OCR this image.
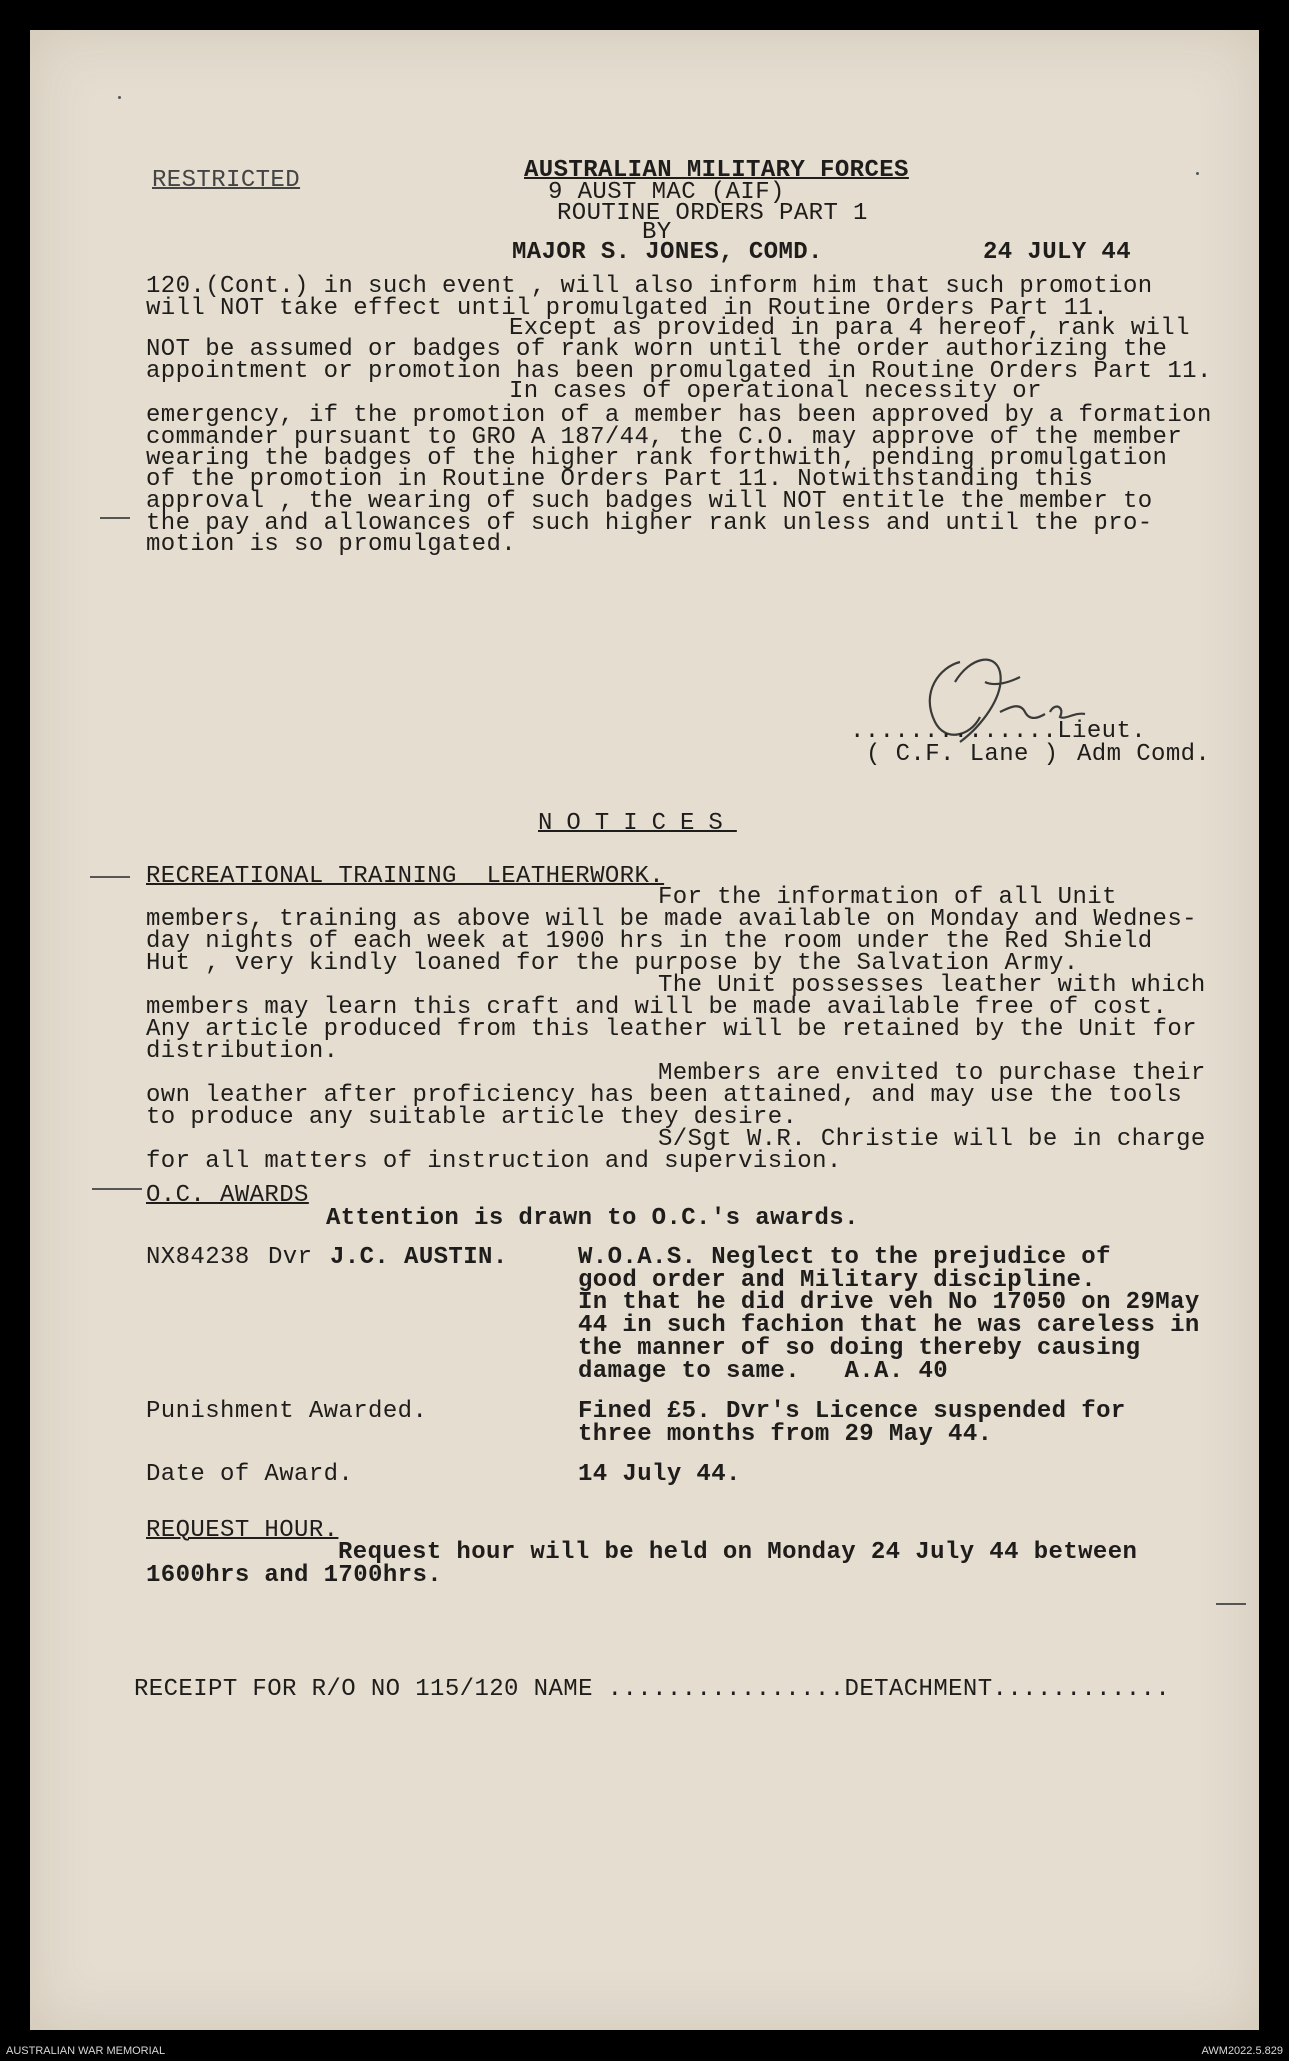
RESTRICTED	AUSTRALIAN MILITARY FORCES
9 AUST MAC (AIF)
ROUTINE ORDERS PART 1
BY
MAJOR S. JONES, COMD.	24 JULY 44
120.(Cont.) in such event , will also inform him that such promotion
will NOT take effect until promulgated in Routine Orders Part 11.
Except as provided in para 4 hereof, rank will
NOT be assumed or badges of rank worn until the order authorizing the
appointment or promotion has been promulgated in Routine Orders Part 11.
In cases of operational necessity or
emergency, if the promotion of a member has been approved by a formation
commander pursuant to GRO A 187/44, the C.O. may approve of the member
wearing the badges of the higher rank forthwith, pending promulgation
of the promotion in Routine Orders Part 11. Notwithstanding this
approval , the wearing of such badges will NOT entitle the member to
the pay and allowances of such higher rank unless and until the pro-
motion is so promulgated.
..............Lieut.
( C.F. Lane ) Adm Comd.
NOTICES
RECREATIONAL TRAINING  LEATHERWORK.
For the information of all Unit
members, training as above will be made available on Monday and Wednes-
day nights of each week at 1900 hrs in the room under the Red Shield
Hut , very kindly loaned for the purpose by the Salvation Army.
The Unit possesses leather with which
members may learn this craft and will be made available free of cost.
Any article produced from this leather will be retained by the Unit for
distribution.
Members are envited to purchase their
own leather after proficiency has been attained, and may use the tools
to produce any suitable article they desire.
S/Sgt W.R. Christie will be in charge
for all matters of instruction and supervision.
O.C. AWARDS
Attention is drawn to O.C.'s awards.
NX84238 Dvr J.C. AUSTIN.	W.O.A.S. Neglect to the prejudice of
good order and Military discipline.
In that he did drive veh No 17050 on 29May
44 in such fachion that he was careless in
the manner of so doing thereby causing
damage to same.   A.A. 40
Punishment Awarded.	Fined £5. Dvr's Licence suspended for
three months from 29 May 44.
Date of Award.	14 July 44.
REQUEST HOUR.
Request hour will be held on Monday 24 July 44 between
1600hrs and 1700hrs.
RECEIPT FOR R/O NO 115/120 NAME ................DETACHMENT............
AUSTRALIAN WAR MEMORIAL	AWM2022.5.829
